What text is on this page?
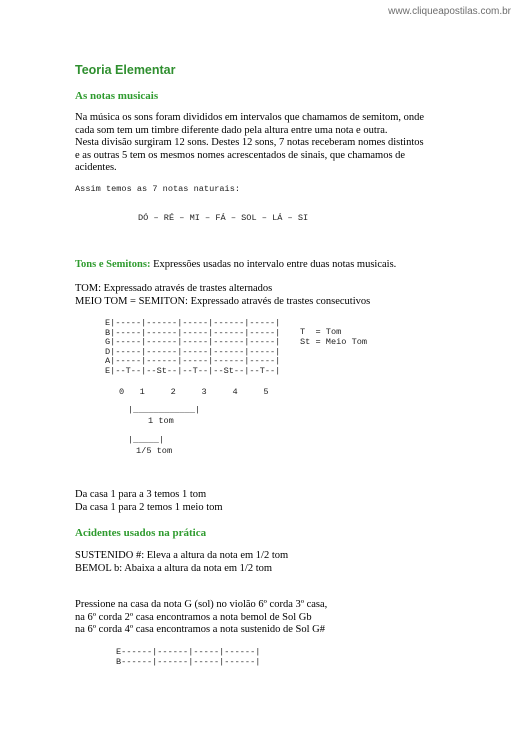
www.cliqueapostilas.com.br
Teoria Elementar
As notas musicais
Na música os sons foram divididos em intervalos que chamamos de semitom, onde
cada som tem um timbre diferente dado pela altura entre uma nota e outra.
Nesta divisão surgiram 12 sons. Destes 12 sons, 7 notas receberam nomes distintos
e as outras 5 tem os mesmos nomes acrescentados de sinais, que chamamos de
acidentes.
Assim temos as 7 notas naturais:
DÓ – RÉ – MI – FÁ – SOL – LÁ – SI
Tons e Semitons: Expressões usadas no intervalo entre duas notas musicais.
TOM: Expressado através de trastes alternados
MEIO TOM = SEMITON: Expressado através de trastes consecutivos
E|-----|------|-----|------|-----|
B|-----|------|-----|------|-----|
G|-----|------|-----|------|-----|
D|-----|------|-----|------|-----|
A|-----|------|-----|------|-----|
E|--T--|--St--|--T--|--St--|--T--|
T  = Tom
St = Meio Tom
0   1     2     3     4     5
|____________|
1 tom
|_____|
1/5 tom
Da casa 1 para a 3 temos 1 tom
Da casa 1 para 2 temos 1 meio tom
Acidentes usados na prática
SUSTENIDO #: Eleva a altura da nota em 1/2 tom
BEMOL b: Abaixa a altura da nota em 1/2 tom
Pressione na casa da nota G (sol) no violão 6º corda 3º casa,
na 6º corda 2º casa encontramos a nota bemol de Sol Gb
na 6º corda 4º casa encontramos a nota sustenido de Sol G#
E------|------|-----|------|
B------|------|-----|------|
